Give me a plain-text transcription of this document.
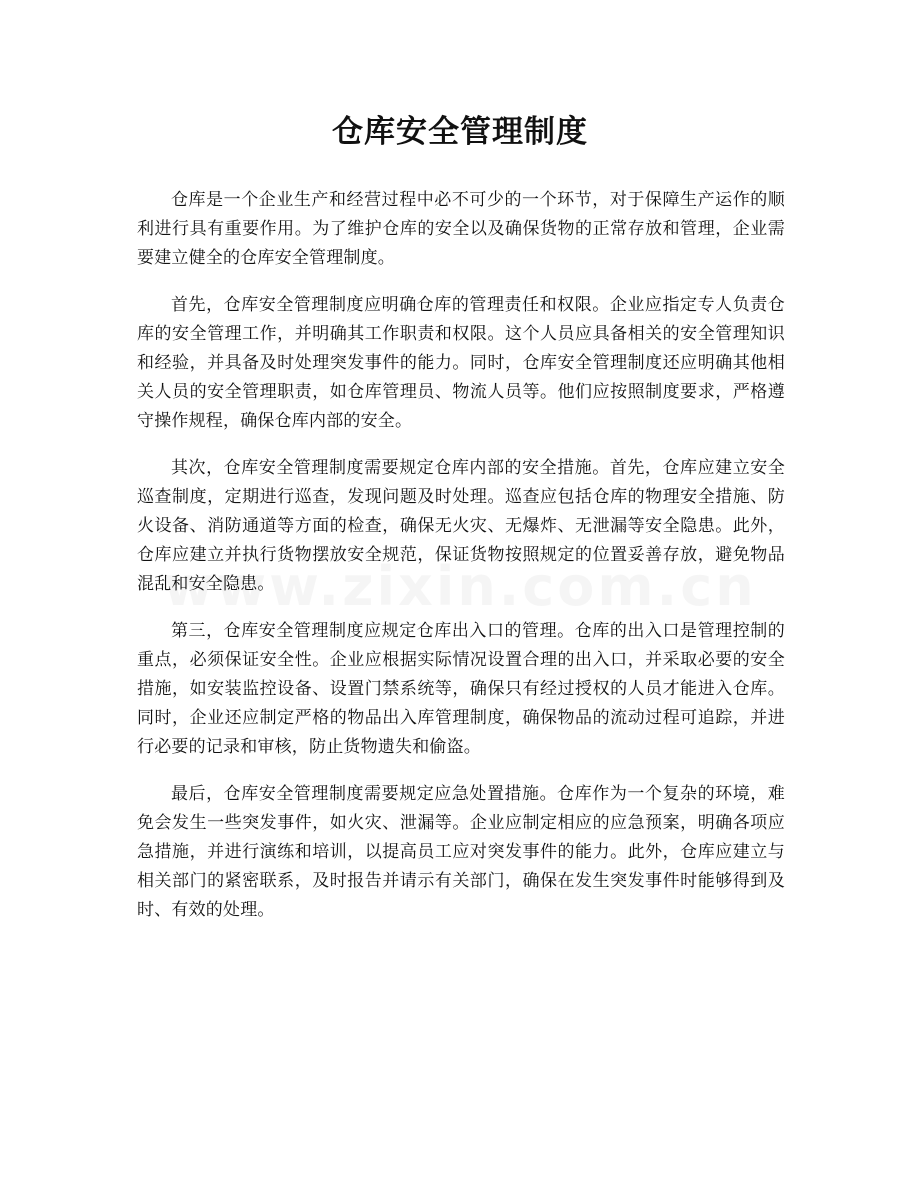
仓库安全管理制度

仓库是一个企业生产和经营过程中必不可少的一个环节，对于保障生产运作的顺利进行具有重要作用。为了维护仓库的安全以及确保货物的正常存放和管理，企业需要建立健全的仓库安全管理制度。

首先，仓库安全管理制度应明确仓库的管理责任和权限。企业应指定专人负责仓库的安全管理工作，并明确其工作职责和权限。这个人员应具备相关的安全管理知识和经验，并具备及时处理突发事件的能力。同时，仓库安全管理制度还应明确其他相关人员的安全管理职责，如仓库管理员、物流人员等。他们应按照制度要求，严格遵守操作规程，确保仓库内部的安全。

其次，仓库安全管理制度需要规定仓库内部的安全措施。首先，仓库应建立安全巡查制度，定期进行巡查，发现问题及时处理。巡查应包括仓库的物理安全措施、防火设备、消防通道等方面的检查，确保无火灾、无爆炸、无泄漏等安全隐患。此外，仓库应建立并执行货物摆放安全规范，保证货物按照规定的位置妥善存放，避免物品混乱和安全隐患。

第三，仓库安全管理制度应规定仓库出入口的管理。仓库的出入口是管理控制的重点，必须保证安全性。企业应根据实际情况设置合理的出入口，并采取必要的安全措施，如安装监控设备、设置门禁系统等，确保只有经过授权的人员才能进入仓库。同时，企业还应制定严格的物品出入库管理制度，确保物品的流动过程可追踪，并进行必要的记录和审核，防止货物遗失和偷盗。

最后，仓库安全管理制度需要规定应急处置措施。仓库作为一个复杂的环境，难免会发生一些突发事件，如火灾、泄漏等。企业应制定相应的应急预案，明确各项应急措施，并进行演练和培训，以提高员工应对突发事件的能力。此外，仓库应建立与相关部门的紧密联系，及时报告并请示有关部门，确保在发生突发事件时能够得到及时、有效的处理。
